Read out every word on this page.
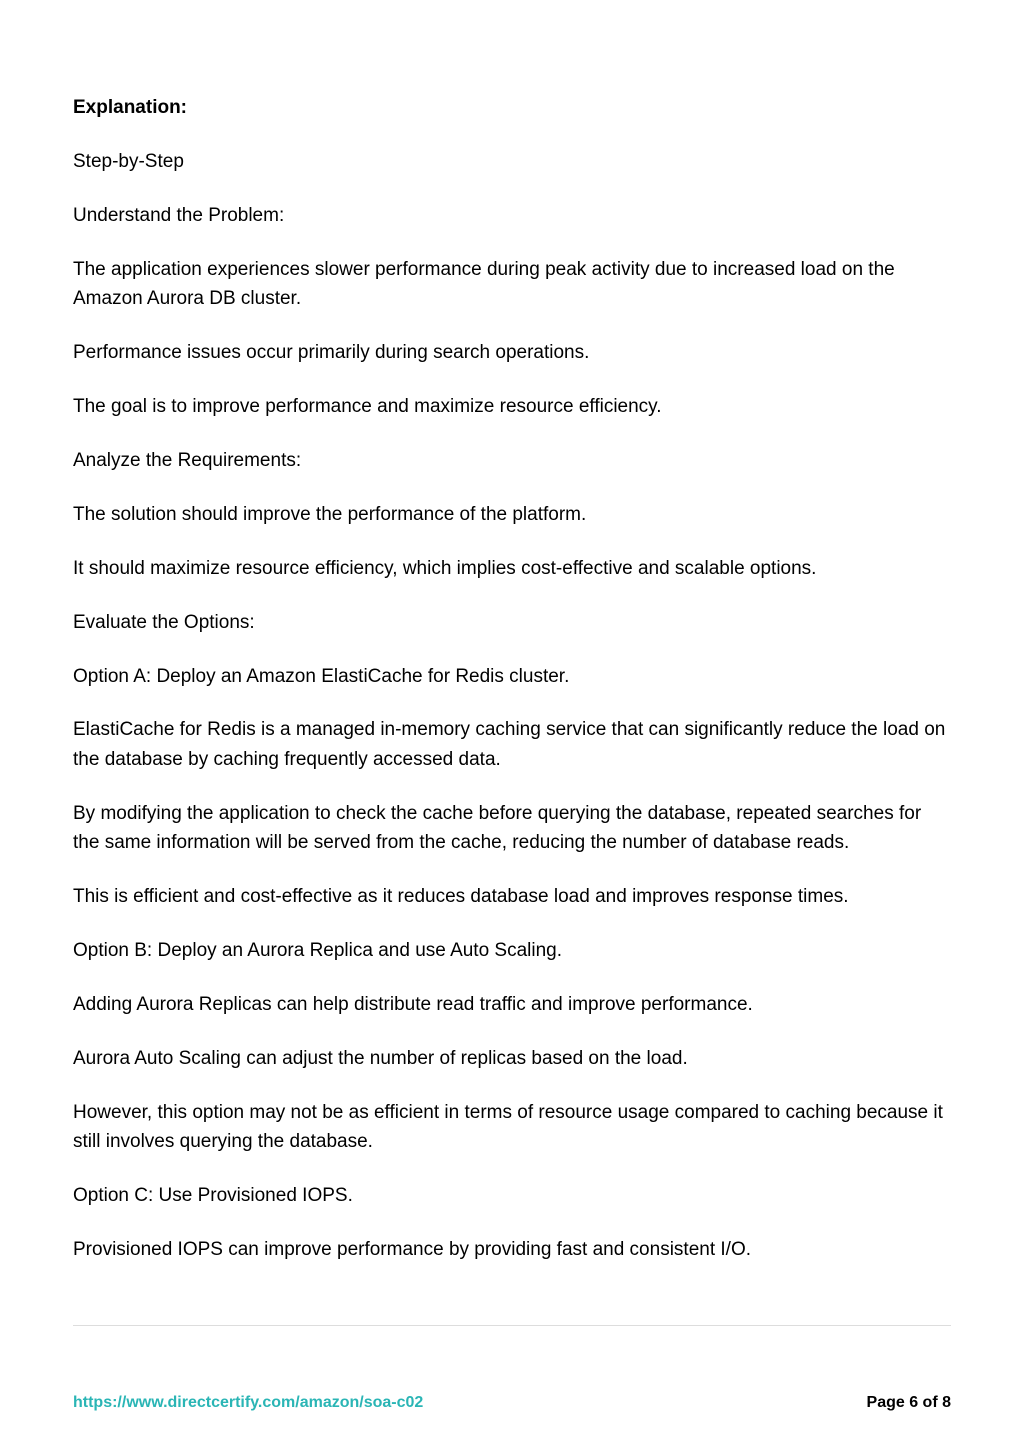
Explanation:

Step-by-Step

Understand the Problem:

The application experiences slower performance during peak activity due to increased load on the Amazon Aurora DB cluster.

Performance issues occur primarily during search operations.

The goal is to improve performance and maximize resource efficiency.

Analyze the Requirements:

The solution should improve the performance of the platform.

It should maximize resource efficiency, which implies cost-effective and scalable options.

Evaluate the Options:

Option A: Deploy an Amazon ElastiCache for Redis cluster.

ElastiCache for Redis is a managed in-memory caching service that can significantly reduce the load on the database by caching frequently accessed data.

By modifying the application to check the cache before querying the database, repeated searches for the same information will be served from the cache, reducing the number of database reads.

This is efficient and cost-effective as it reduces database load and improves response times.

Option B: Deploy an Aurora Replica and use Auto Scaling.

Adding Aurora Replicas can help distribute read traffic and improve performance.

Aurora Auto Scaling can adjust the number of replicas based on the load.

However, this option may not be as efficient in terms of resource usage compared to caching because it still involves querying the database.

Option C: Use Provisioned IOPS.

Provisioned IOPS can improve performance by providing fast and consistent I/O.

https://www.directcertify.com/amazon/soa-c02	Page 6 of 8
